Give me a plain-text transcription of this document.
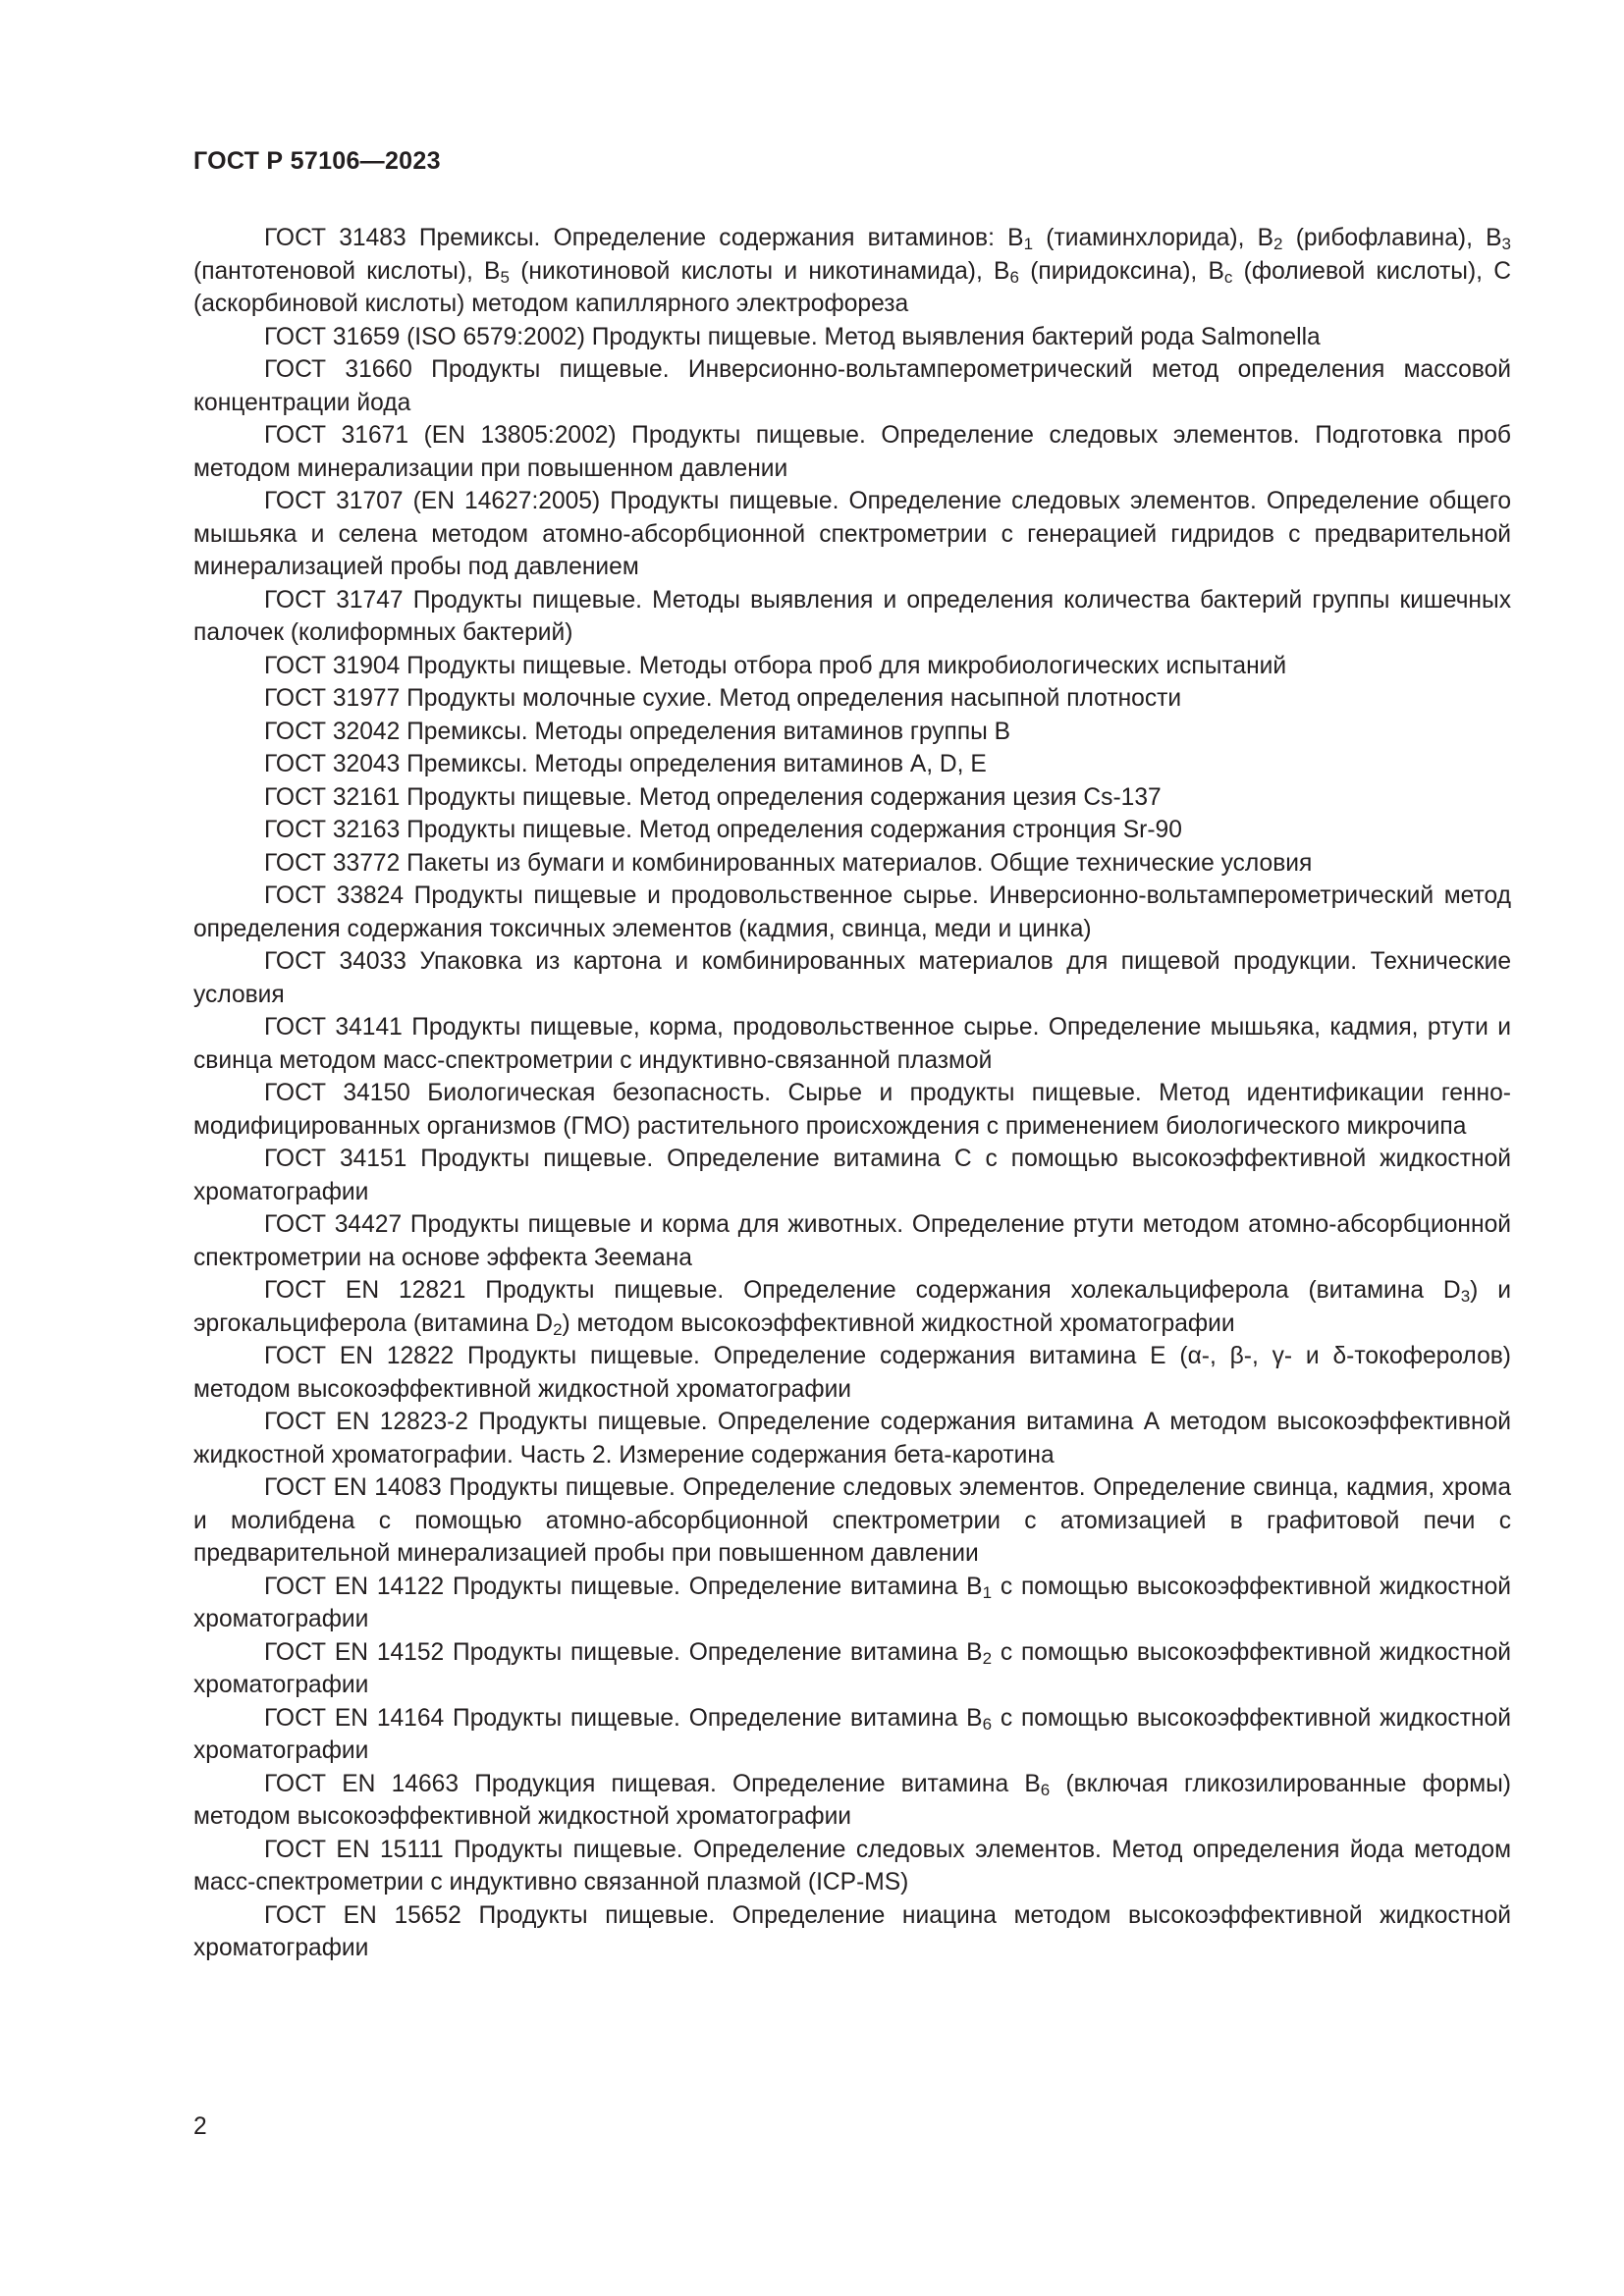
ГОСТ Р 57106—2023

ГОСТ 31483 Премиксы. Определение содержания витаминов: $B_1$ (тиаминхлорида), $B_2$ (рибофлавина), $B_3$ (пантотеновой кислоты), $B_5$ (никотиновой кислоты и никотинамида), $B_6$ (пиридоксина), $B_c$ (фолиевой кислоты), C (аскорбиновой кислоты) методом капиллярного электрофореза

ГОСТ 31659 (ISO 6579:2002) Продукты пищевые. Метод выявления бактерий рода Salmonella

ГОСТ 31660 Продукты пищевые. Инверсионно-вольтамперометрический метод определения массовой концентрации йода

ГОСТ 31671 (EN 13805:2002) Продукты пищевые. Определение следовых элементов. Подготовка проб методом минерализации при повышенном давлении

ГОСТ 31707 (EN 14627:2005) Продукты пищевые. Определение следовых элементов. Определение общего мышьяка и селена методом атомно-абсорбционной спектрометрии с генерацией гидридов с предварительной минерализацией пробы под давлением

ГОСТ 31747 Продукты пищевые. Методы выявления и определения количества бактерий группы кишечных палочек (колиформных бактерий)

ГОСТ 31904 Продукты пищевые. Методы отбора проб для микробиологических испытаний

ГОСТ 31977 Продукты молочные сухие. Метод определения насыпной плотности

ГОСТ 32042 Премиксы. Методы определения витаминов группы B

ГОСТ 32043 Премиксы. Методы определения витаминов А, D, Е

ГОСТ 32161 Продукты пищевые. Метод определения содержания цезия Cs-137

ГОСТ 32163 Продукты пищевые. Метод определения содержания стронция Sr-90

ГОСТ 33772 Пакеты из бумаги и комбинированных материалов. Общие технические условия

ГОСТ 33824 Продукты пищевые и продовольственное сырье. Инверсионно-вольтамперометрический метод определения содержания токсичных элементов (кадмия, свинца, меди и цинка)

ГОСТ 34033 Упаковка из картона и комбинированных материалов для пищевой продукции. Технические условия

ГОСТ 34141 Продукты пищевые, корма, продовольственное сырье. Определение мышьяка, кадмия, ртути и свинца методом масс-спектрометрии с индуктивно-связанной плазмой

ГОСТ 34150 Биологическая безопасность. Сырье и продукты пищевые. Метод идентификации генно-модифицированных организмов (ГМО) растительного происхождения с применением биологического микрочипа

ГОСТ 34151 Продукты пищевые. Определение витамина C с помощью высокоэффективной жидкостной хроматографии

ГОСТ 34427 Продукты пищевые и корма для животных. Определение ртути методом атомно-абсорбционной спектрометрии на основе эффекта Зеемана

ГОСТ EN 12821 Продукты пищевые. Определение содержания холекальциферола (витамина $D_3$) и эргокальциферола (витамина $D_2$) методом высокоэффективной жидкостной хроматографии

ГОСТ EN 12822 Продукты пищевые. Определение содержания витамина E (α-, β-, γ- и δ-токоферолов) методом высокоэффективной жидкостной хроматографии

ГОСТ EN 12823-2 Продукты пищевые. Определение содержания витамина А методом высокоэффективной жидкостной хроматографии. Часть 2. Измерение содержания бета-каротина

ГОСТ EN 14083 Продукты пищевые. Определение следовых элементов. Определение свинца, кадмия, хрома и молибдена с помощью атомно-абсорбционной спектрометрии с атомизацией в графитовой печи с предварительной минерализацией пробы при повышенном давлении

ГОСТ EN 14122 Продукты пищевые. Определение витамина $B_1$ с помощью высокоэффективной жидкостной хроматографии

ГОСТ EN 14152 Продукты пищевые. Определение витамина $B_2$ с помощью высокоэффективной жидкостной хроматографии

ГОСТ EN 14164 Продукты пищевые. Определение витамина $B_6$ с помощью высокоэффективной жидкостной хроматографии

ГОСТ EN 14663 Продукция пищевая. Определение витамина $B_6$ (включая гликозилированные формы) методом высокоэффективной жидкостной хроматографии

ГОСТ EN 15111 Продукты пищевые. Определение следовых элементов. Метод определения йода методом масс-спектрометрии с индуктивно связанной плазмой (ICP-MS)

ГОСТ EN 15652 Продукты пищевые. Определение ниацина методом высокоэффективной жидкостной хроматографии

2
